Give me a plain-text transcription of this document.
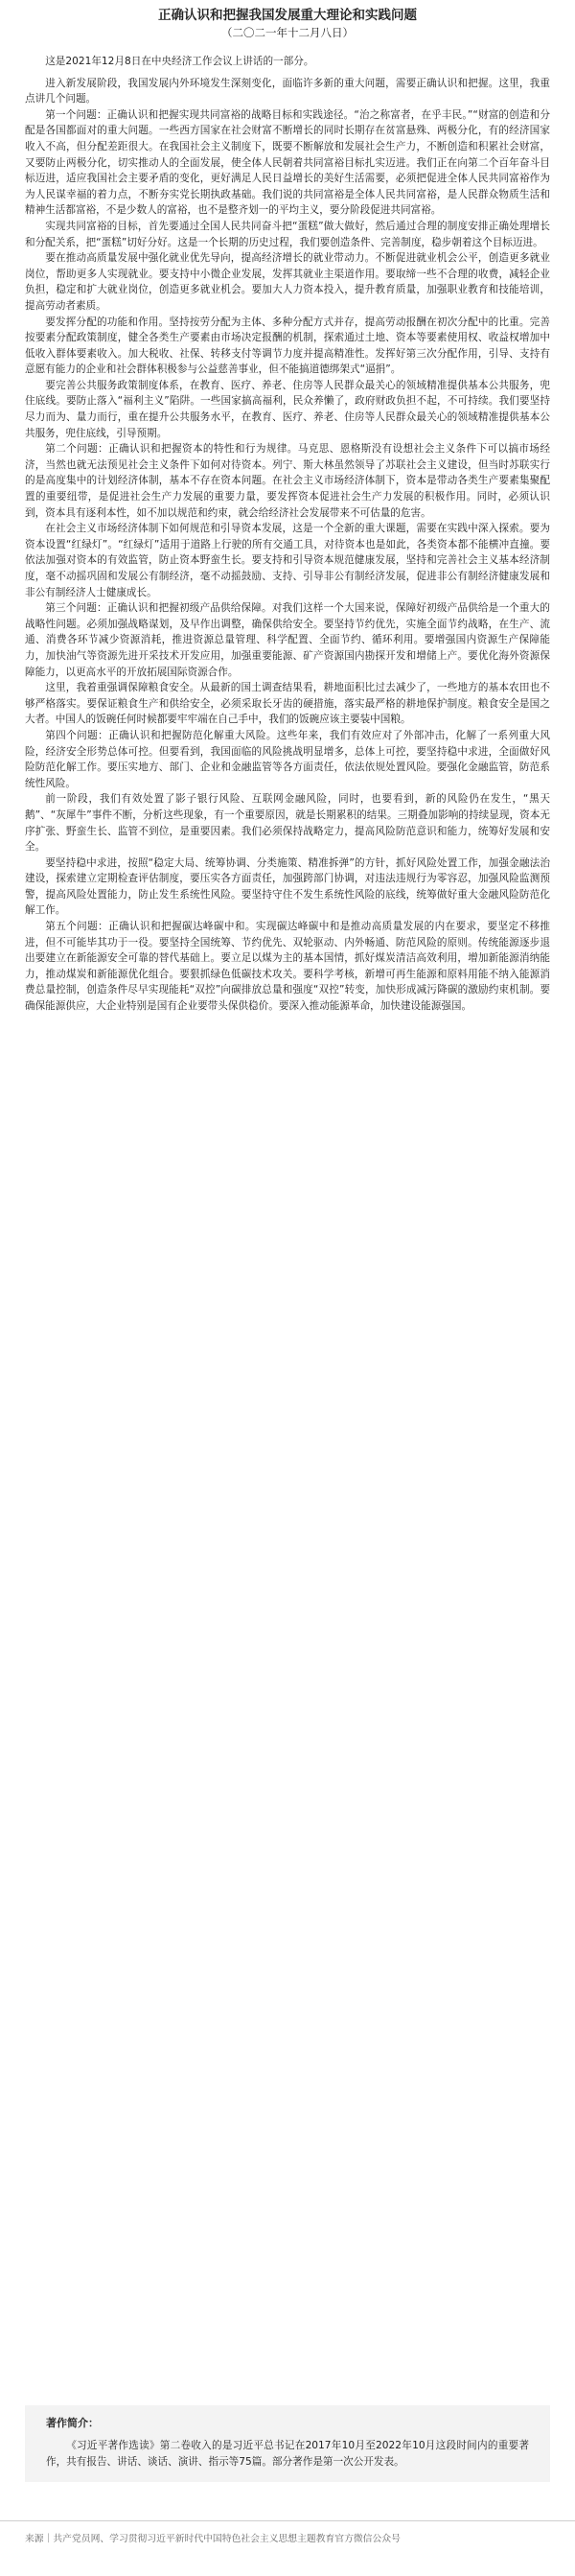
正确认识和把握我国发展重大理论和实践问题
（二〇二一年十二月八日）

这是2021年12月8日在中央经济工作会议上讲话的一部分。

进入新发展阶段，我国发展内外环境发生深刻变化，面临许多新的重大问题，需要正确认识和把握。这里，我重点讲几个问题。

第一个问题：正确认识和把握实现共同富裕的战略目标和实践途径。“治之称富者，在乎丰民。”“财富的创造和分配是各国都面对的重大问题。一些西方国家在社会财富不断增长的同时长期存在贫富悬殊、两极分化，有的经济国家收入不高，但分配差距很大。在我国社会主义制度下，既要不断解放和发展社会生产力，不断创造和积累社会财富，又要防止两极分化，切实推动人的全面发展，使全体人民朝着共同富裕目标扎实迈进。我们正在向第二个百年奋斗目标迈进，适应我国社会主要矛盾的变化，更好满足人民日益增长的美好生活需要，必须把促进全体人民共同富裕作为为人民谋幸福的着力点，不断夯实党长期执政基础。我们说的共同富裕是全体人民共同富裕，是人民群众物质生活和精神生活都富裕，不是少数人的富裕，也不是整齐划一的平均主义，要分阶段促进共同富裕。

实现共同富裕的目标，首先要通过全国人民共同奋斗把“蛋糕”做大做好，然后通过合理的制度安排正确处理增长和分配关系，把“蛋糕”切好分好。这是一个长期的历史过程，我们要创造条件、完善制度，稳步朝着这个目标迈进。

要在推动高质量发展中强化就业优先导向，提高经济增长的就业带动力。不断促进就业机会公平，创造更多就业岗位，帮助更多人实现就业。要支持中小微企业发展，发挥其就业主渠道作用。要取缔一些不合理的收费，减轻企业负担，稳定和扩大就业岗位，创造更多就业机会。要加大人力资本投入，提升教育质量，加强职业教育和技能培训，提高劳动者素质。

要发挥分配的功能和作用。坚持按劳分配为主体、多种分配方式并存，提高劳动报酬在初次分配中的比重。完善按要素分配政策制度，健全各类生产要素由市场决定报酬的机制，探索通过土地、资本等要素使用权、收益权增加中低收入群体要素收入。加大税收、社保、转移支付等调节力度并提高精准性。发挥好第三次分配作用，引导、支持有意愿有能力的企业和社会群体积极参与公益慈善事业，但不能搞道德绑架式“逼捐”。

要完善公共服务政策制度体系，在教育、医疗、养老、住房等人民群众最关心的领域精准提供基本公共服务，兜住底线。要防止落入“福利主义”陷阱。一些国家搞高福利，民众养懒了，政府财政负担不起，不可持续。我们要坚持尽力而为、量力而行，重在提升公共服务水平，在教育、医疗、养老、住房等人民群众最关心的领域精准提供基本公共服务，兜住底线，引导预期。

第二个问题：正确认识和把握资本的特性和行为规律。马克思、恩格斯没有设想社会主义条件下可以搞市场经济，当然也就无法预见社会主义条件下如何对待资本。列宁、斯大林虽然领导了苏联社会主义建设，但当时苏联实行的是高度集中的计划经济体制，基本不存在资本问题。在社会主义市场经济体制下，资本是带动各类生产要素集聚配置的重要纽带，是促进社会生产力发展的重要力量，要发挥资本促进社会生产力发展的积极作用。同时，必须认识到，资本具有逐利本性，如不加以规范和约束，就会给经济社会发展带来不可估量的危害。

在社会主义市场经济体制下如何规范和引导资本发展，这是一个全新的重大课题，需要在实践中深入探索。要为资本设置“红绿灯”。“红绿灯”适用于道路上行驶的所有交通工具，对待资本也是如此，各类资本都不能横冲直撞。要依法加强对资本的有效监管，防止资本野蛮生长。要支持和引导资本规范健康发展，坚持和完善社会主义基本经济制度，毫不动摇巩固和发展公有制经济，毫不动摇鼓励、支持、引导非公有制经济发展，促进非公有制经济健康发展和非公有制经济人士健康成长。

第三个问题：正确认识和把握初级产品供给保障。对我们这样一个大国来说，保障好初级产品供给是一个重大的战略性问题。必须加强战略谋划，及早作出调整，确保供给安全。要坚持节约优先，实施全面节约战略，在生产、流通、消费各环节减少资源消耗，推进资源总量管理、科学配置、全面节约、循环利用。要增强国内资源生产保障能力，加快油气等资源先进开采技术开发应用，加强重要能源、矿产资源国内勘探开发和增储上产。要优化海外资源保障能力，以更高水平的开放拓展国际资源合作。

这里，我着重强调保障粮食安全。从最新的国土调查结果看，耕地面积比过去减少了，一些地方的基本农田也不够严格落实。要保证粮食生产和供给安全，必须采取长牙齿的硬措施，落实最严格的耕地保护制度。粮食安全是国之大者。中国人的饭碗任何时候都要牢牢端在自己手中，我们的饭碗应该主要装中国粮。

第四个问题：正确认识和把握防范化解重大风险。这些年来，我们有效应对了外部冲击，化解了一系列重大风险，经济安全形势总体可控。但要看到，我国面临的风险挑战明显增多，总体上可控，要坚持稳中求进，全面做好风险防范化解工作。要压实地方、部门、企业和金融监管等各方面责任，依法依规处置风险。要强化金融监管，防范系统性风险。

前一阶段，我们有效处置了影子银行风险、互联网金融风险，同时，也要看到，新的风险仍在发生，“黑天鹅”、“灰犀牛”事件不断，分析这些现象，有一个重要原因，就是长期累积的结果。三期叠加影响的持续显现，资本无序扩张、野蛮生长、监管不到位，是重要因素。我们必须保持战略定力，提高风险防范意识和能力，统筹好发展和安全。

要坚持稳中求进，按照“稳定大局、统筹协调、分类施策、精准拆弹”的方针，抓好风险处置工作，加强金融法治建设，探索建立定期检查评估制度，要压实各方面责任，加强跨部门协调，对违法违规行为零容忍，加强风险监测预警，提高风险处置能力，防止发生系统性风险。要坚持守住不发生系统性风险的底线，统筹做好重大金融风险防范化解工作。

第五个问题：正确认识和把握碳达峰碳中和。实现碳达峰碳中和是推动高质量发展的内在要求，要坚定不移推进，但不可能毕其功于一役。要坚持全国统筹、节约优先、双轮驱动、内外畅通、防范风险的原则。传统能源逐步退出要建立在新能源安全可靠的替代基础上。要立足以煤为主的基本国情，抓好煤炭清洁高效利用，增加新能源消纳能力，推动煤炭和新能源优化组合。要狠抓绿色低碳技术攻关。要科学考核，新增可再生能源和原料用能不纳入能源消费总量控制，创造条件尽早实现能耗“双控”向碳排放总量和强度“双控”转变，加快形成减污降碳的激励约束机制。要确保能源供应，大企业特别是国有企业要带头保供稳价。要深入推动能源革命，加快建设能源强国。

著作简介：

《习近平著作选读》第二卷收入的是习近平总书记在2017年10月至2022年10月这段时间内的重要著作，共有报告、讲话、谈话、演讲、指示等75篇。部分著作是第一次公开发表。

来源｜共产党员网、学习贯彻习近平新时代中国特色社会主义思想主题教育官方微信公众号
